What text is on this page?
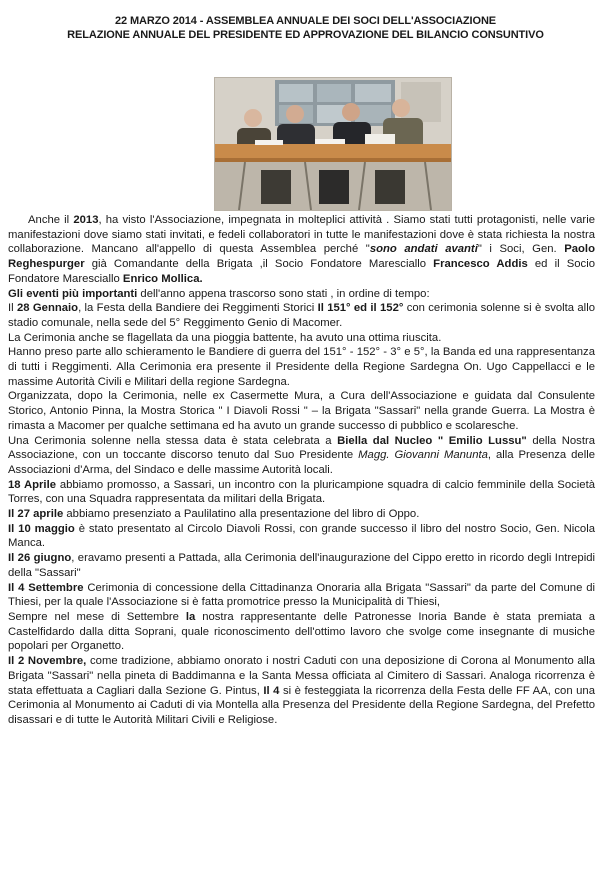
22 MARZO 2014 - ASSEMBLEA ANNUALE DEI SOCI DELL'ASSOCIAZIONE
RELAZIONE ANNUALE DEL PRESIDENTE ED APPROVAZIONE DEL BILANCIO CONSUNTIVO

Anche il 2013, ha visto l'Associazione, impegnata in molteplici attività . Siamo stati tutti protagonisti, nelle varie manifestazioni dove siamo stati invitati, e fedeli collaboratori in tutte le manifestazioni dove è stata richiesta la nostra collaborazione. Mancano all'appello di questa Assemblea perché "sono andati avanti" i Soci, Gen. Paolo Reghespurger già Comandante della Brigata ,il Socio Fondatore Maresciallo Francesco Addis ed il Socio Fondatore Maresciallo Enrico Mollica.

Gli eventi più importanti dell'anno appena trascorso sono stati , in ordine di tempo:

Il 28 Gennaio, la Festa della Bandiere dei Reggimenti Storici Il 151° ed il 152° con cerimonia solenne si è svolta allo stadio comunale, nella sede del 5° Reggimento Genio di Macomer.

La Cerimonia anche se flagellata da una pioggia battente, ha avuto una ottima riuscita.

Hanno preso parte allo schieramento le Bandiere di guerra del 151° - 152° - 3° e 5°, la Banda ed una rappresentanza di tutti i Reggimenti. Alla Cerimonia era presente il Presidente della Regione Sardegna On. Ugo Cappellacci e le massime Autorità Civili e Militari della regione Sardegna.

Organizzata, dopo la Cerimonia, nelle ex Casermette Mura, a Cura dell'Associazione e guidata dal Consulente Storico, Antonio Pinna, la Mostra Storica " I Diavoli Rossi " – la Brigata "Sassari" nella grande Guerra. La Mostra è rimasta a Macomer per qualche settimana ed ha avuto un grande successo di pubblico e scolaresche.

Una Cerimonia solenne nella stessa data è stata celebrata a Biella dal Nucleo " Emilio Lussu" della Nostra Associazione, con un toccante discorso tenuto dal Suo Presidente Magg. Giovanni Manunta, alla Presenza delle Associazioni d'Arma, del Sindaco e delle massime Autorità locali.

18 Aprile abbiamo promosso, a Sassari, un incontro con la pluricampione squadra di calcio femminile della Società Torres, con una Squadra rappresentata da militari della Brigata.

Il 27 aprile abbiamo presenziato a Paulilatino alla presentazione del libro di Oppo.

Il 10 maggio è stato presentato al Circolo Diavoli Rossi, con grande successo il libro del nostro Socio, Gen. Nicola Manca.

Il 26 giugno, eravamo presenti a Pattada, alla Cerimonia dell'inaugurazione del Cippo eretto in ricordo degli Intrepidi della "Sassari"

Il 4 Settembre Cerimonia di concessione della Cittadinanza Onoraria alla Brigata "Sassari" da parte del Comune di Thiesi, per la quale l'Associazione si è fatta promotrice presso la Municipalità di Thiesi,

Sempre nel mese di Settembre la nostra rappresentante delle Patronesse Inoria Bande è stata premiata a Castelfidardo dalla ditta Soprani, quale riconoscimento dell'ottimo lavoro che svolge come insegnante di musiche popolari per Organetto.

Il 2 Novembre, come tradizione, abbiamo onorato i nostri Caduti con una deposizione di Corona al Monumento alla Brigata "Sassari" nella pineta di Baddimanna e la Santa Messa officiata al Cimitero di Sassari. Analoga ricorrenza è stata effettuata a Cagliari dalla Sezione G. Pintus, Il 4 si è festeggiata la ricorrenza della Festa delle FF AA, con una Cerimonia al Monumento ai Caduti di via Montella alla Presenza del Presidente della Regione Sardegna, del Prefetto disassari e di tutte le Autorità Militari Civili e Religiose.
